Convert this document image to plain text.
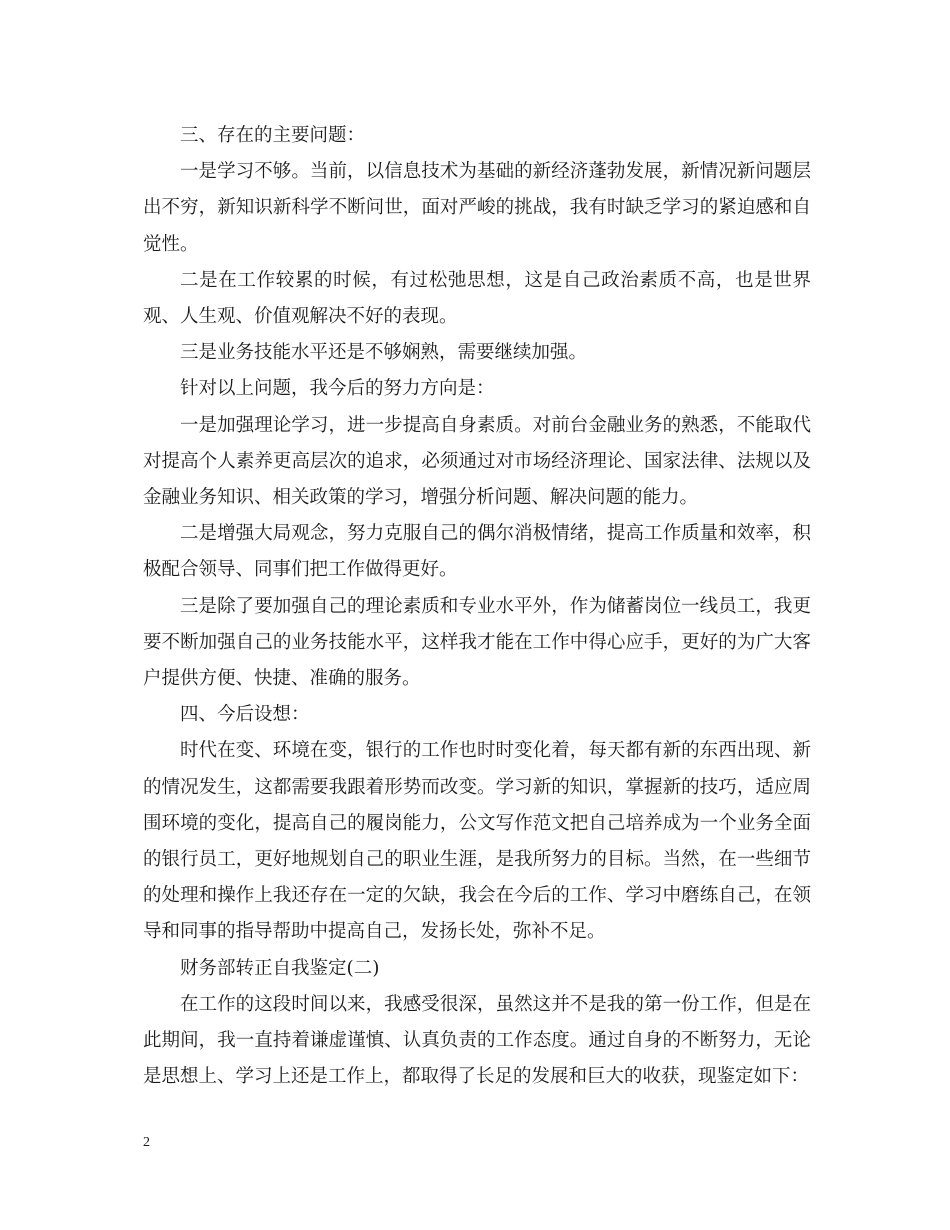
三、存在的主要问题：

一是学习不够。当前，以信息技术为基础的新经济蓬勃发展，新情况新问题层出不穷，新知识新科学不断问世，面对严峻的挑战，我有时缺乏学习的紧迫感和自觉性。

二是在工作较累的时候，有过松弛思想，这是自己政治素质不高，也是世界观、人生观、价值观解决不好的表现。

三是业务技能水平还是不够娴熟，需要继续加强。

针对以上问题，我今后的努力方向是：

一是加强理论学习，进一步提高自身素质。对前台金融业务的熟悉，不能取代对提高个人素养更高层次的追求，必须通过对市场经济理论、国家法律、法规以及金融业务知识、相关政策的学习，增强分析问题、解决问题的能力。

二是增强大局观念，努力克服自己的偶尔消极情绪，提高工作质量和效率，积极配合领导、同事们把工作做得更好。

三是除了要加强自己的理论素质和专业水平外，作为储蓄岗位一线员工，我更要不断加强自己的业务技能水平，这样我才能在工作中得心应手，更好的为广大客户提供方便、快捷、准确的服务。

四、今后设想：

时代在变、环境在变，银行的工作也时时变化着，每天都有新的东西出现、新的情况发生，这都需要我跟着形势而改变。学习新的知识，掌握新的技巧，适应周围环境的变化，提高自己的履岗能力，公文写作范文把自己培养成为一个业务全面的银行员工，更好地规划自己的职业生涯，是我所努力的目标。当然，在一些细节的处理和操作上我还存在一定的欠缺，我会在今后的工作、学习中磨练自己，在领导和同事的指导帮助中提高自己，发扬长处，弥补不足。

财务部转正自我鉴定(二)

在工作的这段时间以来，我感受很深，虽然这并不是我的第一份工作，但是在此期间，我一直持着谦虚谨慎、认真负责的工作态度。通过自身的不断努力，无论是思想上、学习上还是工作上，都取得了长足的发展和巨大的收获，现鉴定如下：

2
